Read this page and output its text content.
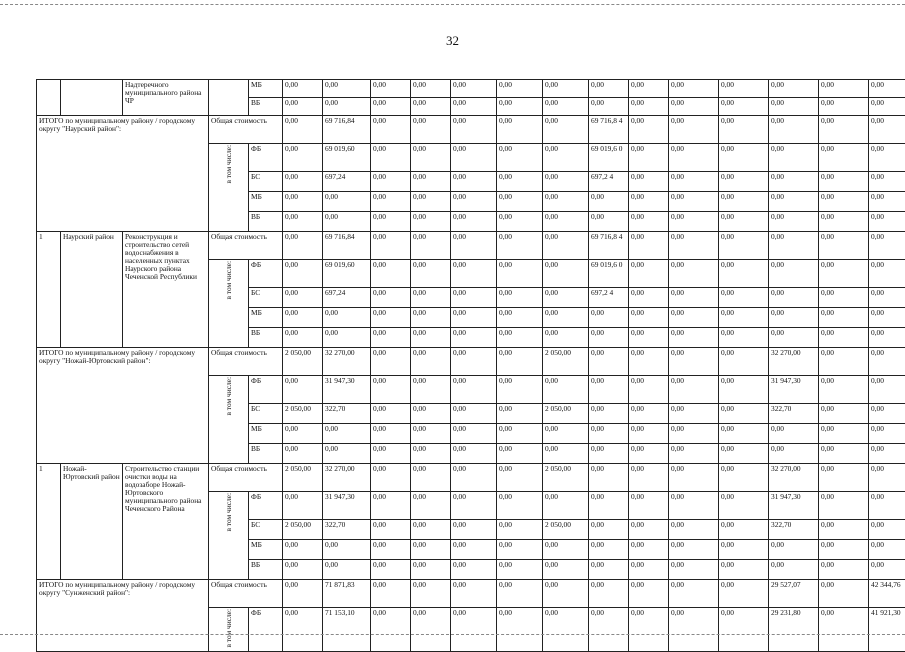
32
		Надтеречного муниципального района ЧР		МБ	0,00	0,00	0,00	0,00	0,00	0,00	0,00	0,00	0,00	0,00	0,00	0,00	0,00	0,00
				ВБ	0,00	0,00	0,00	0,00	0,00	0,00	0,00	0,00	0,00	0,00	0,00	0,00	0,00	0,00
ИТОГО по муниципальному району / городскому округу "Наурский район":			Общая стоимость		0,00	69 716,84	0,00	0,00	0,00	0,00	0,00	69 716,8 4	0,00	0,00	0,00	0,00	0,00	0,00

			в том числе:	ФБ	0,00	69 019,60	0,00	0,00	0,00	0,00	0,00	69 019,6 0	0,00	0,00	0,00	0,00	0,00	0,00
				БС	0,00	697,24	0,00	0,00	0,00	0,00	0,00	697,2 4	0,00	0,00	0,00	0,00	0,00	0,00
				МБ	0,00	0,00	0,00	0,00	0,00	0,00	0,00	0,00	0,00	0,00	0,00	0,00	0,00	0,00
				ВБ	0,00	0,00	0,00	0,00	0,00	0,00	0,00	0,00	0,00	0,00	0,00	0,00	0,00	0,00
1	Наурский район	Реконструкция и строительство сетей водоснабжения в населенных пунктах Наурского района Чеченской Республики	Общая стоимость		0,00	69 716,84	0,00	0,00	0,00	0,00	0,00	69 716,8 4	0,00	0,00	0,00	0,00	0,00	0,00

			в том числе:	ФБ	0,00	69 019,60	0,00	0,00	0,00	0,00	0,00	69 019,6 0	0,00	0,00	0,00	0,00	0,00	0,00
				БС	0,00	697,24	0,00	0,00	0,00	0,00	0,00	697,2 4	0,00	0,00	0,00	0,00	0,00	0,00
				МБ	0,00	0,00	0,00	0,00	0,00	0,00	0,00	0,00	0,00	0,00	0,00	0,00	0,00	0,00
				ВБ	0,00	0,00	0,00	0,00	0,00	0,00	0,00	0,00	0,00	0,00	0,00	0,00	0,00	0,00
ИТОГО по муниципальному району / городскому округу "Ножай-Юртовский район":			Общая стоимость		2 050,00	32 270,00	0,00	0,00	0,00	0,00	2 050,00	0,00	0,00	0,00	0,00	32 270,00	0,00	0,00

			в том числе:	ФБ	0,00	31 947,30	0,00	0,00	0,00	0,00	0,00	0,00	0,00	0,00	0,00	31 947,30	0,00	0,00
				БС	2 050,00	322,70	0,00	0,00	0,00	0,00	2 050,00	0,00	0,00	0,00	0,00	322,70	0,00	0,00
				МБ	0,00	0,00	0,00	0,00	0,00	0,00	0,00	0,00	0,00	0,00	0,00	0,00	0,00	0,00
				ВБ	0,00	0,00	0,00	0,00	0,00	0,00	0,00	0,00	0,00	0,00	0,00	0,00	0,00	0,00
1	Ножай-Юртовский район	Строительство станции очистки воды на водозаборе Ножай-Юртовского муниципального района Чеченского Района	Общая стоимость		2 050,00	32 270,00	0,00	0,00	0,00	0,00	2 050,00	0,00	0,00	0,00	0,00	32 270,00	0,00	0,00

			в том числе:	ФБ	0,00	31 947,30	0,00	0,00	0,00	0,00	0,00	0,00	0,00	0,00	0,00	31 947,30	0,00	0,00
				БС	2 050,00	322,70	0,00	0,00	0,00	0,00	2 050,00	0,00	0,00	0,00	0,00	322,70	0,00	0,00
				МБ	0,00	0,00	0,00	0,00	0,00	0,00	0,00	0,00	0,00	0,00	0,00	0,00	0,00	0,00
				ВБ	0,00	0,00	0,00	0,00	0,00	0,00	0,00	0,00	0,00	0,00	0,00	0,00	0,00	0,00
ИТОГО по муниципальному району / городскому округу "Сунженский район":			Общая стоимость		0,00	71 871,83	0,00	0,00	0,00	0,00	0,00	0,00	0,00	0,00	0,00	29 527,07	0,00	42 344,76

			в том числе:	ФБ	0,00	71 153,10	0,00	0,00	0,00	0,00	0,00	0,00	0,00	0,00	0,00	29 231,80	0,00	41 921,30
